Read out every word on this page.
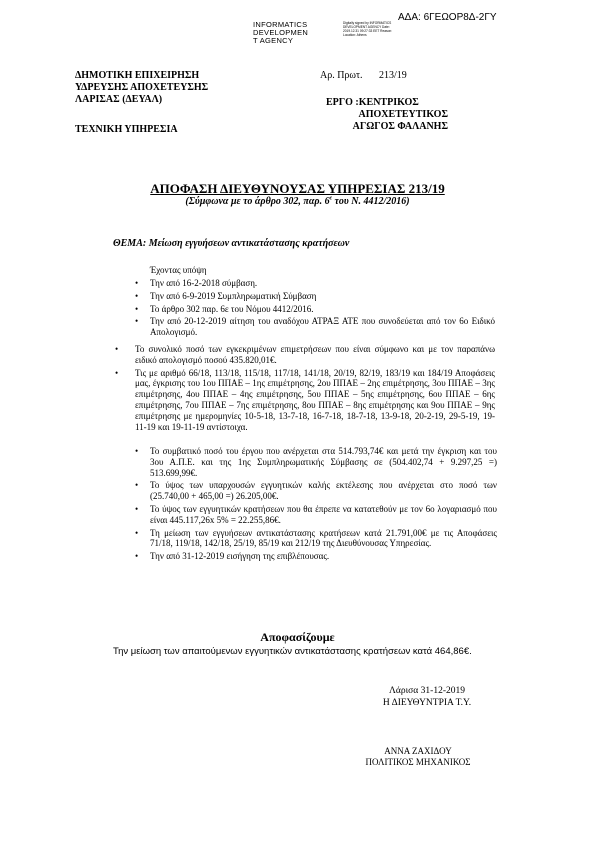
ΑΔΑ: 6ΓΕΩΟΡ8Δ-2ΓΥ
INFORMATICS
DEVELOPMEN
T AGENCY
Digitally signed by INFORMATICS DEVELOPMENT AGENCY Date: 2019.12.31 09:27:33 EET Reason: Location: Athens
ΔΗΜΟΤΙΚΗ ΕΠΙΧΕΙΡΗΣΗ
ΥΔΡΕΥΣΗΣ ΑΠΟΧΕΤΕΥΣΗΣ
ΛΑΡΙΣΑΣ (ΔΕΥΑΛ)
ΤΕΧΝΙΚΗ ΥΠΗΡΕΣΙΑ
Αρ. Πρωτ. 213/19
ΕΡΓΟ :ΚΕΝΤΡΙΚΟΣ
ΑΠΟΧΕΤΕΥΤΙΚΟΣ
ΑΓΩΓΟΣ ΦΑΛΑΝΗΣ
ΑΠΟΦΑΣΗ ΔΙΕΥΘΥΝΟΥΣΑΣ ΥΠΗΡΕΣΙΑΣ 213/19
(Σύμφωνα με το άρθρο 302, παρ. $6^\varepsilon$ του Ν. 4412/2016)
ΘΕΜΑ: Μείωση εγγυήσεων αντικατάστασης κρατήσεων
Έχοντας υπόψη
• Την από 16-2-2018 σύμβαση.
• Την από 6-9-2019 Συμπληρωματική Σύμβαση
• Το άρθρο 302 παρ. 6ε του Νόμου 4412/2016.
• Την από 20-12-2019 αίτηση του αναδόχου ΑΤΡΑΞ ΑΤΕ που συνοδεύεται από τον 6ο Ειδικό Απολογισμό.
• Το συνολικό ποσό των εγκεκριμένων επιμετρήσεων που είναι σύμφωνο και με τον παραπάνω ειδικό απολογισμό ποσού 435.820,01€.
• Τις με αριθμό 66/18, 113/18, 115/18, 117/18, 141/18, 20/19, 82/19, 183/19 και 184/19 Αποφάσεις μας, έγκρισης του 1ου ΠΠΑΕ – 1ης επιμέτρησης, 2ου ΠΠΑΕ – 2ης επιμέτρησης, 3ου ΠΠΑΕ – 3ης επιμέτρησης, 4ου ΠΠΑΕ – 4ης επιμέτρησης, 5ου ΠΠΑΕ – 5ης επιμέτρησης, 6ου ΠΠΑΕ – 6ης επιμέτρησης, 7ου ΠΠΑΕ – 7ης επιμέτρησης, 8ου ΠΠΑΕ – 8ης επιμέτρησης και 9ου ΠΠΑΕ – 9ης επιμέτρησης με ημερομηνίες 10-5-18, 13-7-18, 16-7-18, 18-7-18, 13-9-18, 20-2-19, 29-5-19, 19-11-19 και 19-11-19 αντίστοιχα.
• Το συμβατικό ποσό του έργου που ανέρχεται στα 514.793,74€ και μετά την έγκριση και του 3ου Α.Π.Ε. και της 1ης Συμπληρωματικής Σύμβασης σε (504.402,74 + 9.297,25 =) 513.699,99€.
• Το ύψος των υπαρχουσών εγγυητικών καλής εκτέλεσης που ανέρχεται στο ποσό των (25.740,00 + 465,00 =) 26.205,00€.
• Το ύψος των εγγυητικών κρατήσεων που θα έπρεπε να κατατεθούν με τον 6ο λογαριασμό που είναι 445.117,26x 5% = 22.255,86€.
• Τη μείωση των εγγυήσεων αντικατάστασης κρατήσεων κατά 21.791,00€ με τις Αποφάσεις 71/18, 119/18, 142/18, 25/19, 85/19 και 212/19 της Διευθύνουσας Υπηρεσίας.
• Την από 31-12-2019 εισήγηση της επιβλέπουσας.
Αποφασίζουμε
Την μείωση των απαιτούμενων εγγυητικών αντικατάστασης κρατήσεων κατά 464,86€.
Λάρισα 31-12-2019
Η ΔΙΕΥΘΥΝΤΡΙΑ Τ.Υ.
ΑΝΝΑ ΖΑΧΙΔΟΥ
ΠΟΛΙΤΙΚΟΣ ΜΗΧΑΝΙΚΟΣ
